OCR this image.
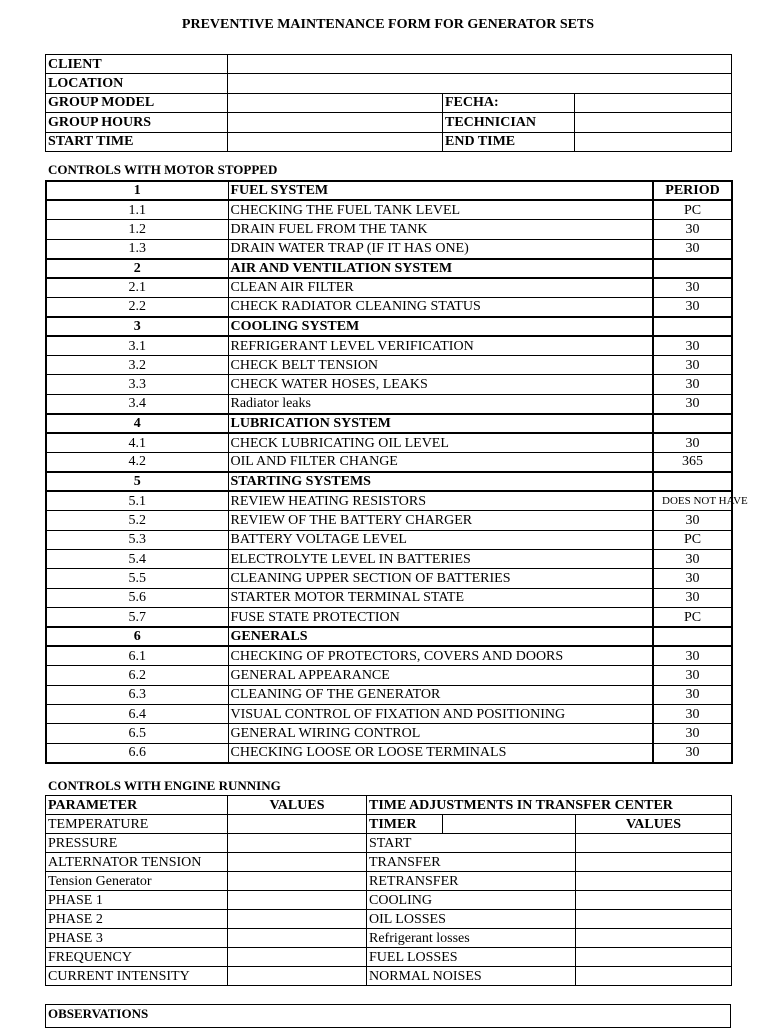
PREVENTIVE MAINTENANCE FORM FOR GENERATOR SETS
CLIENT			
LOCATION			
GROUP MODEL		FECHA:	
GROUP HOURS		TECHNICIAN	
START TIME		END TIME	
CONTROLS WITH MOTOR STOPPED
1	FUEL SYSTEM	PERIOD
1.1	CHECKING THE FUEL TANK LEVEL	PC
1.2	DRAIN FUEL FROM THE TANK	30
1.3	DRAIN WATER TRAP (IF IT HAS ONE)	30
2	AIR AND VENTILATION SYSTEM	
2.1	CLEAN AIR FILTER	30
2.2	CHECK RADIATOR CLEANING STATUS	30
3	COOLING SYSTEM	
3.1	REFRIGERANT LEVEL VERIFICATION	30
3.2	CHECK BELT TENSION	30
3.3	CHECK WATER HOSES, LEAKS	30
3.4	Radiator leaks	30
4	LUBRICATION SYSTEM	
4.1	CHECK LUBRICATING OIL LEVEL	30
4.2	OIL AND FILTER CHANGE	365
5	STARTING SYSTEMS	
5.1	REVIEW HEATING RESISTORS	DOES NOT HAVE
5.2	REVIEW OF THE BATTERY CHARGER	30
5.3	BATTERY VOLTAGE LEVEL	PC
5.4	ELECTROLYTE LEVEL IN BATTERIES	30
5.5	CLEANING UPPER SECTION OF BATTERIES	30
5.6	STARTER MOTOR TERMINAL STATE	30
5.7	FUSE STATE PROTECTION	PC
6	GENERALS	
6.1	CHECKING OF PROTECTORS, COVERS AND DOORS	30
6.2	GENERAL APPEARANCE	30
6.3	CLEANING OF THE GENERATOR	30
6.4	VISUAL CONTROL OF FIXATION AND POSITIONING	30
6.5	GENERAL WIRING CONTROL	30
6.6	CHECKING LOOSE OR LOOSE TERMINALS	30
CONTROLS WITH ENGINE RUNNING
PARAMETER	VALUES	TIME ADJUSTMENTS IN TRANSFER CENTER		
TEMPERATURE		TIMER		VALUES
PRESSURE		START		
ALTERNATOR TENSION		TRANSFER		
Tension Generator		RETRANSFER		
PHASE 1		COOLING		
PHASE 2		OIL LOSSES		
PHASE 3		Refrigerant losses		
FREQUENCY		FUEL LOSSES		
CURRENT INTENSITY		NORMAL NOISES		
OBSERVATIONS
